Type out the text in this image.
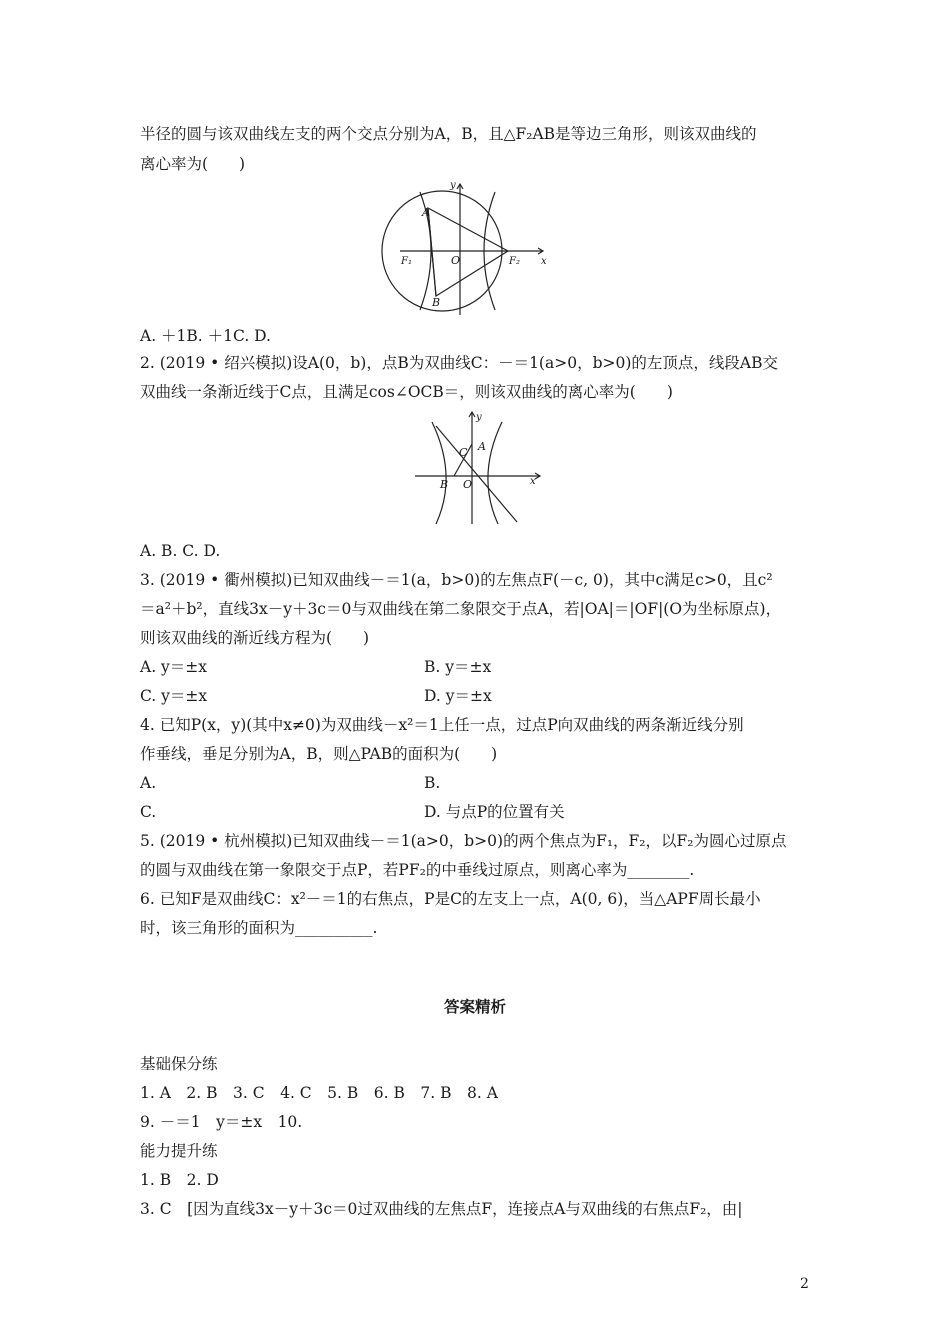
半径的圆与该双曲线左支的两个交点分别为A，B，且△F₂AB是等边三角形，则该双曲线的
离心率为(　　)
y
A
B
O
F₁	F₂ x
A. ＋1B. ＋1C. D.
2. (2019 • 绍兴模拟)设A(0，b)，点B为双曲线C：－＝1(a>0，b>0)的左顶点，线段AB交
双曲线一条渐近线于C点，且满足cos∠OCB＝，则该双曲线的离心率为(　　)
y
A
C
B O	x
A. B. C. D.
3. (2019 • 衢州模拟)已知双曲线－＝1(a，b>0)的左焦点F(－c, 0)，其中c满足c>0，且c²
＝a²＋b²，直线3x－y＋3c＝0与双曲线在第二象限交于点A，若|OA|＝|OF|(O为坐标原点)，
则该双曲线的渐近线方程为(　　)
A. y＝±x	B. y＝±x
C. y＝±x	D. y＝±x
4. 已知P(x，y)(其中x≠0)为双曲线－x²＝1上任一点，过点P向双曲线的两条渐近线分别
作垂线，垂足分别为A，B，则△PAB的面积为(　　)
A.	B.
C.	D. 与点P的位置有关
5. (2019 • 杭州模拟)已知双曲线－＝1(a>0，b>0)的两个焦点为F₁，F₂，以F₂为圆心过原点
的圆与双曲线在第一象限交于点P，若PF₂的中垂线过原点，则离心率为________.
6. 已知F是双曲线C：x²－＝1的右焦点，P是C的左支上一点，A(0, 6)，当△APF周长最小
时，该三角形的面积为__________.
答案精析
基础保分练
1. A　2. B　3. C　4. C　5. B　6. B　7. B　8. A
9. －＝1　y＝±x　10.
能力提升练
1. B　2. D
3. C　[因为直线3x－y＋3c＝0过双曲线的左焦点F，连接点A与双曲线的右焦点F₂，由|
2
